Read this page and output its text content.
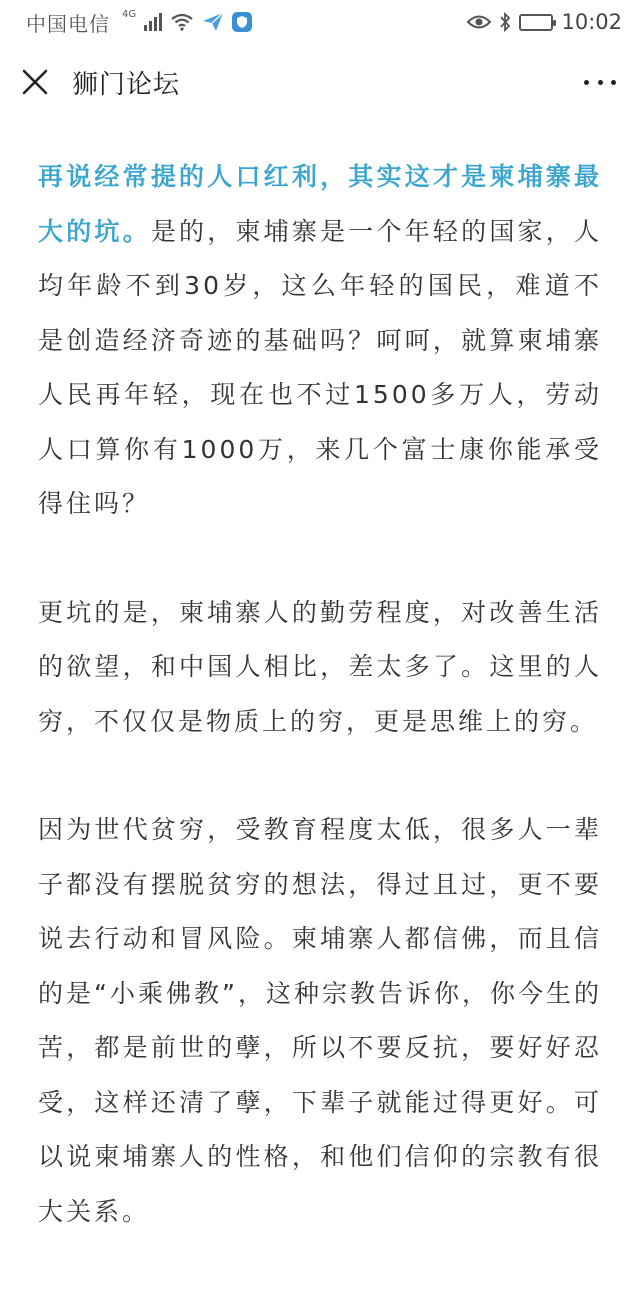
中国电信 4G	10:02
狮门论坛

再说经常提的人口红利，其实这才是柬埔寨最大的坑。是的，柬埔寨是一个年轻的国家，人均年龄不到30岁，这么年轻的国民，难道不是创造经济奇迹的基础吗？呵呵，就算柬埔寨人民再年轻，现在也不过1500多万人，劳动人口算你有1000万，来几个富士康你能承受得住吗？

更坑的是，柬埔寨人的勤劳程度，对改善生活的欲望，和中国人相比，差太多了。这里的人穷，不仅仅是物质上的穷，更是思维上的穷。

因为世代贫穷，受教育程度太低，很多人一辈子都没有摆脱贫穷的想法，得过且过，更不要说去行动和冒风险。柬埔寨人都信佛，而且信的是“小乘佛教”，这种宗教告诉你，你今生的苦，都是前世的孽，所以不要反抗，要好好忍受，这样还清了孽，下辈子就能过得更好。可以说柬埔寨人的性格，和他们信仰的宗教有很大关系。
